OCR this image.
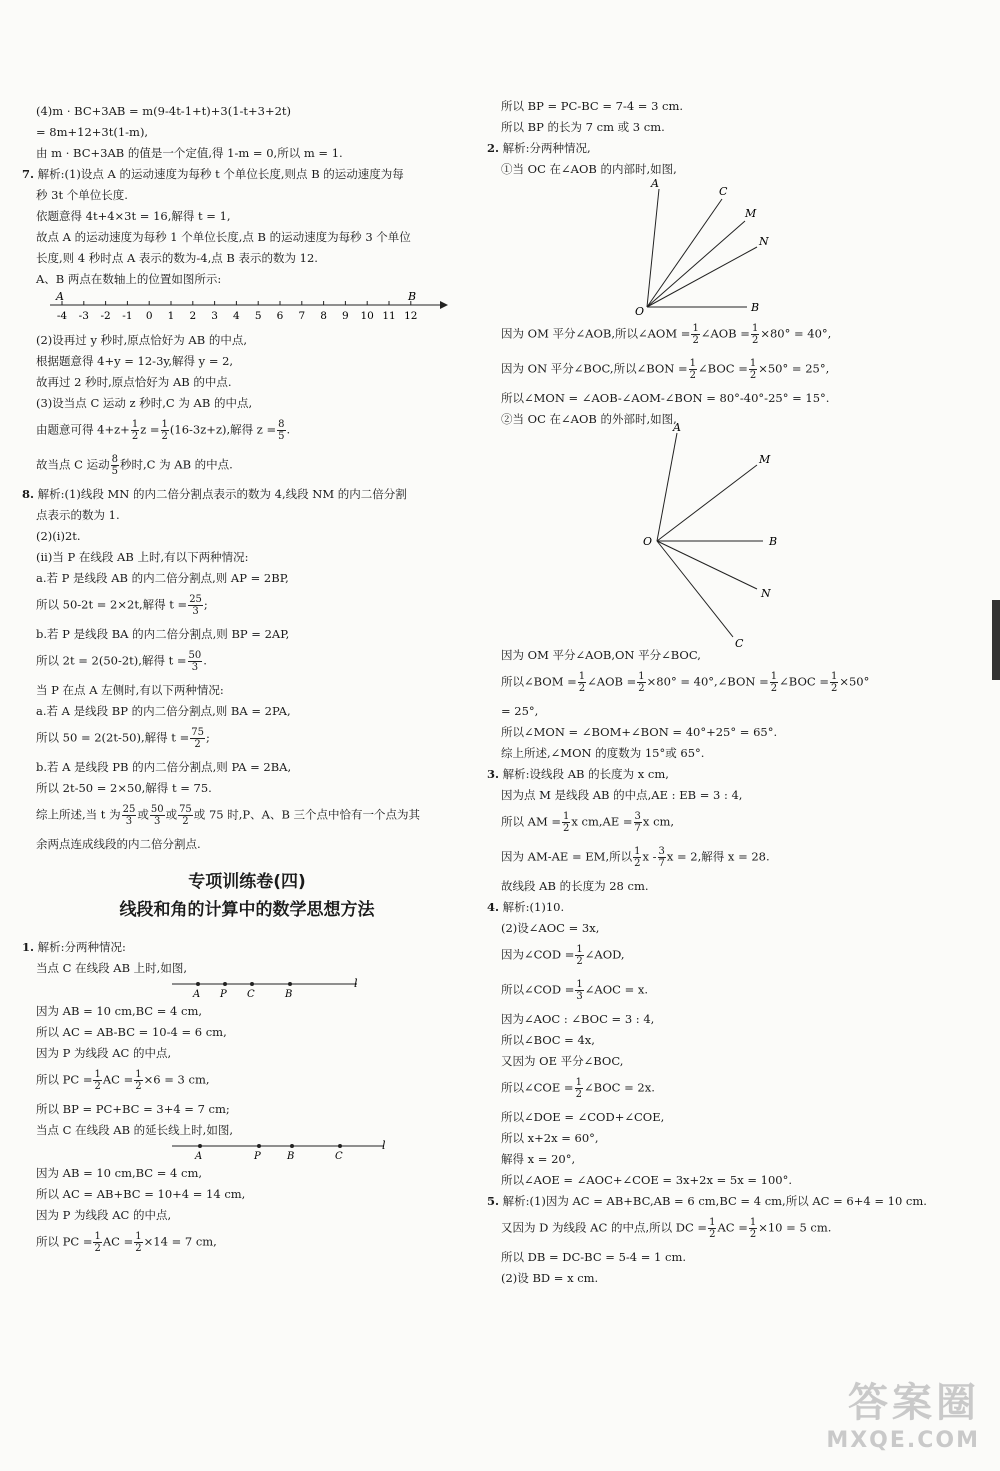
(4)m · BC+3AB = m(9-4t-1+t)+3(1-t+3+2t)

= 8m+12+3t(1-m),

由 m · BC+3AB 的值是一个定值,得 1-m = 0,所以 m = 1.

7. 解析:(1)设点 A 的运动速度为每秒 t 个单位长度,则点 B 的运动速度为每

秒 3t 个单位长度.

依题意得 4t+4×3t = 16,解得 t = 1,

故点 A 的运动速度为每秒 1 个单位长度,点 B 的运动速度为每秒 3 个单位

长度,则 4 秒时点 A 表示的数为-4,点 B 表示的数为 12.

A、B 两点在数轴上的位置如图所示:

-4 -3 -2 -1 0 1 2 3 4 5 6 7 8 9 10 11 12
A	B

(2)设再过 y 秒时,原点恰好为 AB 的中点,

根据题意得 4+y = 12-3y,解得 y = 2,

故再过 2 秒时,原点恰好为 AB 的中点.

(3)设当点 C 运动 z 秒时,C 为 AB 的中点,

由题意可得 $4+z+ \frac{1}{2}$ $z = \frac{1}{2} (16-3z+z)$,解得 $z = \frac{8}{5}$ .

故当点 C 运动 $\frac{8}{5}$ 秒时,C 为 AB 的中点.

8. 解析:(1)线段 MN 的内二倍分割点表示的数为 4,线段 NM 的内二倍分割

点表示的数为 1.

(2)(i)2t.

(ii)当 P 在线段 AB 上时,有以下两种情况:

a.若 P 是线段 AB 的内二倍分割点,则 AP = 2BP,

所以 50-2t = 2×2t,解得 $t = \frac{25}{3}$ ;

b.若 P 是线段 BA 的内二倍分割点,则 BP = 2AP,

所以 2t = 2(50-2t),解得 $t = \frac{50}{3}$ .

当 P 在点 A 左侧时,有以下两种情况:

a.若 A 是线段 BP 的内二倍分割点,则 BA = 2PA,

所以 50 = 2(2t-50),解得 $t = \frac{75}{2}$ ;

b.若 A 是线段 PB 的内二倍分割点,则 PA = 2BA,

所以 2t-50 = 2×50,解得 t = 75.

综上所述,当 t 为 $\frac{25}{3}$ 或 $\frac{50}{3}$ 或 $\frac{75}{2}$ 或 75 时,P、A、B 三个点中恰有一个点为其

余两点连成线段的内二倍分割点.

专项训练卷(四)

线段和角的计算中的数学思想方法

1. 解析:分两种情况:

当点 C 在线段 AB 上时,如图,

A P C	B
l

因为 AB = 10 cm,BC = 4 cm,

所以 AC = AB-BC = 10-4 = 6 cm,

因为 P 为线段 AC 的中点,

所以 PC = $\frac{1}{2}$ AC = $\frac{1}{2} \times 6 = 3$ cm,

所以 BP = PC+BC = 3+4 = 7 cm;

当点 C 在线段 AB 的延长线上时,如图,

A	P	B	C
l

因为 AB = 10 cm,BC = 4 cm,

所以 AC = AB+BC = 10+4 = 14 cm,

因为 P 为线段 AC 的中点,

所以 PC = $\frac{1}{2}$ AC = $\frac{1}{2} \times 14 = 7$ cm,

所以 BP = PC-BC = 7-4 = 3 cm.

所以 BP 的长为 7 cm 或 3 cm.

2. 解析:分两种情况,

①当 OC 在∠AOB 的内部时,如图,

A
C
M
N
O	B

因为 OM 平分∠AOB,所以∠AOM = $\frac{1}{2}$ ∠AOB = $\frac{1}{2} \times 80^\circ = 40^\circ$,

因为 ON 平分∠BOC,所以∠BON = $\frac{1}{2}$ ∠BOC = $\frac{1}{2} \times 50^\circ = 25^\circ$,

所以∠MON = ∠AOB-∠AOM-∠BON = 80°-40°-25° = 15°.

②当 OC 在∠AOB 的外部时,如图,

A
M
O	B
N
C

因为 OM 平分∠AOB,ON 平分∠BOC,

所以∠BOM = $\frac{1}{2}$ ∠AOB = $\frac{1}{2} \times 80^\circ$ = 40°,∠BON = $\frac{1}{2}$ ∠BOC = $\frac{1}{2} \times 50^\circ$

= 25°,

所以∠MON = ∠BOM+∠BON = 40°+25° = 65°.

综上所述,∠MON 的度数为 15°或 65°.

3. 解析:设线段 AB 的长度为 x cm,

因为点 M 是线段 AB 的中点,AE : EB = 3 : 4,

所以 AM = $\frac{1}{2}$ x $cm,AE = \frac{3}{7}$ x cm,

因为 AM-AE = EM,所以 $\frac{1}{2}$ x - $\frac{3}{7}$ x = 2,解得 x = 28.

故线段 AB 的长度为 28 cm.

4. 解析:(1)10.

(2)设∠AOC = 3x,

因为∠COD = $\frac{1}{2}$ ∠AOD,

所以∠COD = $\frac{1}{3}$ ∠AOC = x.

因为∠AOC : ∠BOC = 3 : 4,

所以∠BOC = 4x,

又因为 OE 平分∠BOC,

所以∠COE = $\frac{1}{2}$ ∠BOC = 2x.

所以∠DOE = ∠COD+∠COE,

所以 x+2x = 60°,

解得 x = 20°,

所以∠AOE = ∠AOC+∠COE = 3x+2x = 5x = 100°.

5. 解析:(1)因为 AC = AB+BC,AB = 6 cm,BC = 4 cm,所以 AC = 6+4 = 10 cm.

又因为 D 为线段 AC 的中点,所以 DC = $\frac{1}{2}$ AC = $\frac{1}{2} \times 10 = 5$ cm.

所以 DB = DC-BC = 5-4 = 1 cm.

(2)设 BD = x cm.

答案圈
MXQE.COM
